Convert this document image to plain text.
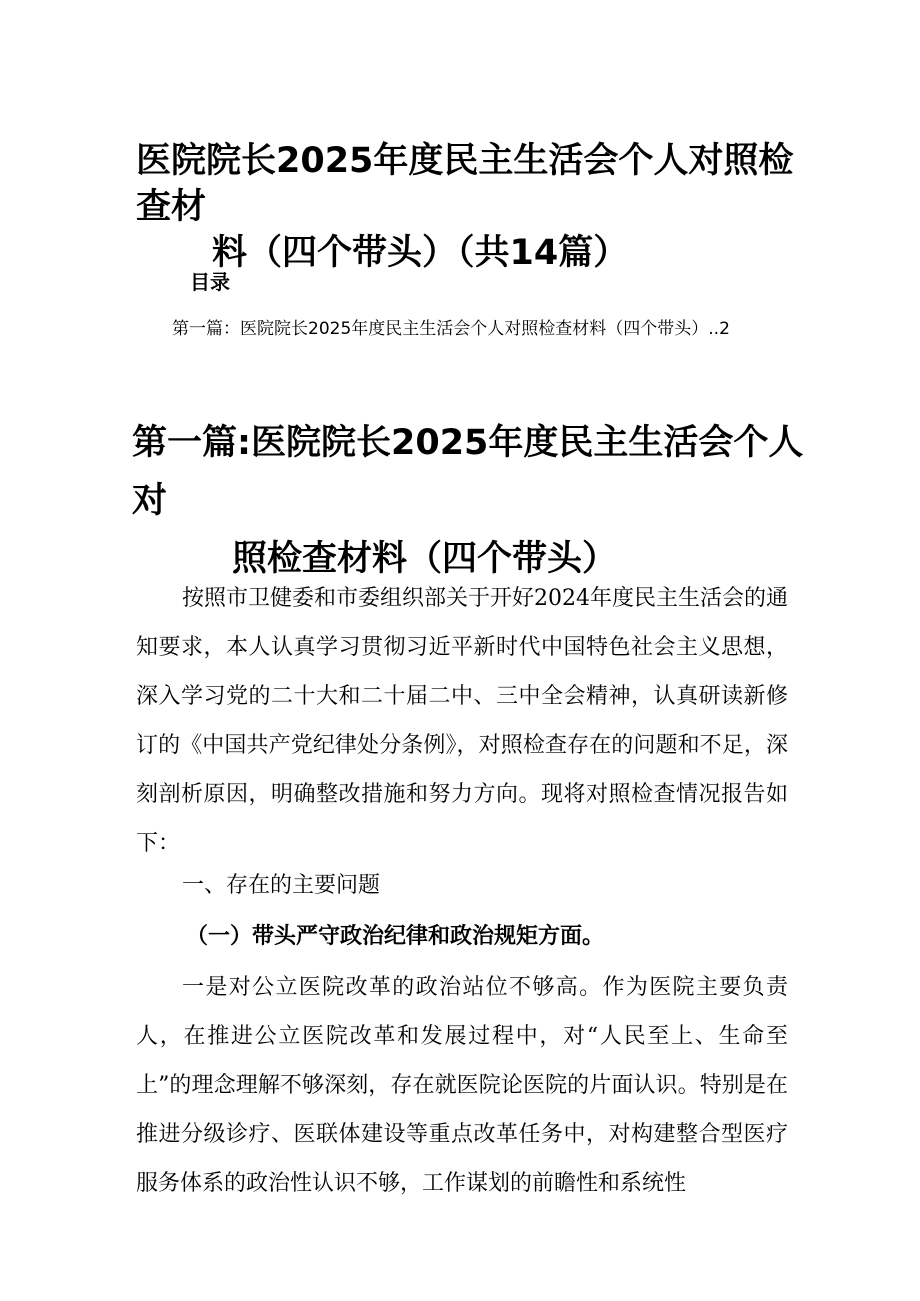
医院院长2025年度民主生活会个人对照检查材
料（四个带头）（共14篇）
目录
第一篇：医院院长2025年度民主生活会个人对照检查材料（四个带头）..2
第一篇:医院院长2025年度民主生活会个人对
照检查材料（四个带头）

按照市卫健委和市委组织部关于开好2024年度民主生活会的通知要求，本人认真学习贯彻习近平新时代中国特色社会主义思想，深入学习党的二十大和二十届二中、三中全会精神，认真研读新修订的《中国共产党纪律处分条例》，对照检查存在的问题和不足，深刻剖析原因，明确整改措施和努力方向。现将对照检查情况报告如下：

一、存在的主要问题
（一）带头严守政治纪律和政治规矩方面。

一是对公立医院改革的政治站位不够高。作为医院主要负责人，在推进公立医院改革和发展过程中，对“人民至上、生命至上”的理念理解不够深刻，存在就医院论医院的片面认识。特别是在推进分级诊疗、医联体建设等重点改革任务中，对构建整合型医疗服务体系的政治性认识不够，工作谋划的前瞻性和系统性
